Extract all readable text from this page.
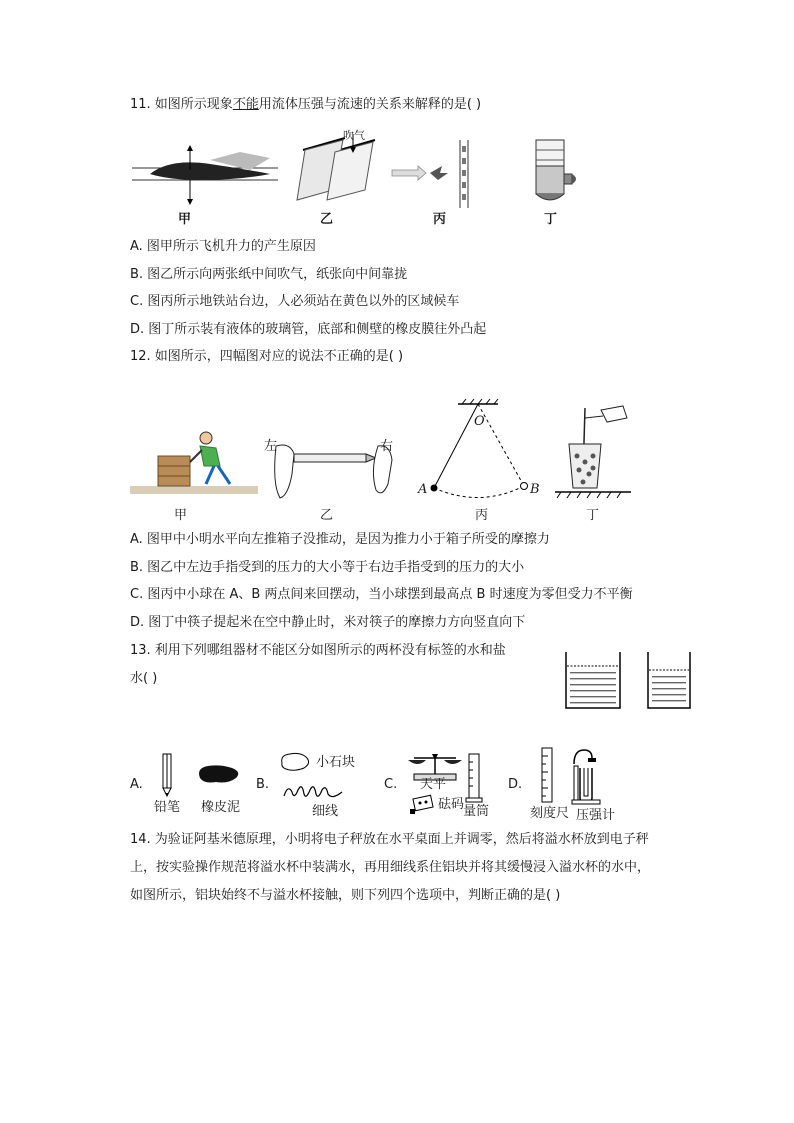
11. 如图所示现象不能用流体压强与流速的关系来解释的是( )
甲
吹气
乙	丙	丁
A. 图甲所示飞机升力的产生原因
B. 图乙所示向两张纸中间吹气，纸张向中间靠拢
C. 图丙所示地铁站台边，人必须站在黄色以外的区域候车
D. 图丁所示装有液体的玻璃管，底部和侧壁的橡皮膜往外凸起
12. 如图所示，四幅图对应的说法不正确的是( )
甲
左	右
乙
O
A	B
丙	丁
A. 图甲中小明水平向左推箱子没推动，是因为推力小于箱子所受的摩擦力
B. 图乙中左边手指受到的压力的大小等于右边手指受到的压力的大小
C. 图丙中小球在 A、B 两点间来回摆动，当小球摆到最高点 B 时速度为零但受力不平衡
D. 图丁中筷子提起米在空中静止时，米对筷子的摩擦力方向竖直向下
13. 利用下列哪组器材不能区分如图所示的两杯没有标签的水和盐
水( )
A.
铅笔 橡皮泥
B.
小石块
细线
C. 天平
砝码
量筒
D.
刻度尺 压强计
14. 为验证阿基米德原理，小明将电子秤放在水平桌面上并调零，然后将溢水杯放到电子秤
上，按实验操作规范将溢水杯中装满水，再用细线系住铝块并将其缓慢浸入溢水杯的水中，
如图所示，铝块始终不与溢水杯接触，则下列四个选项中，判断正确的是( )
